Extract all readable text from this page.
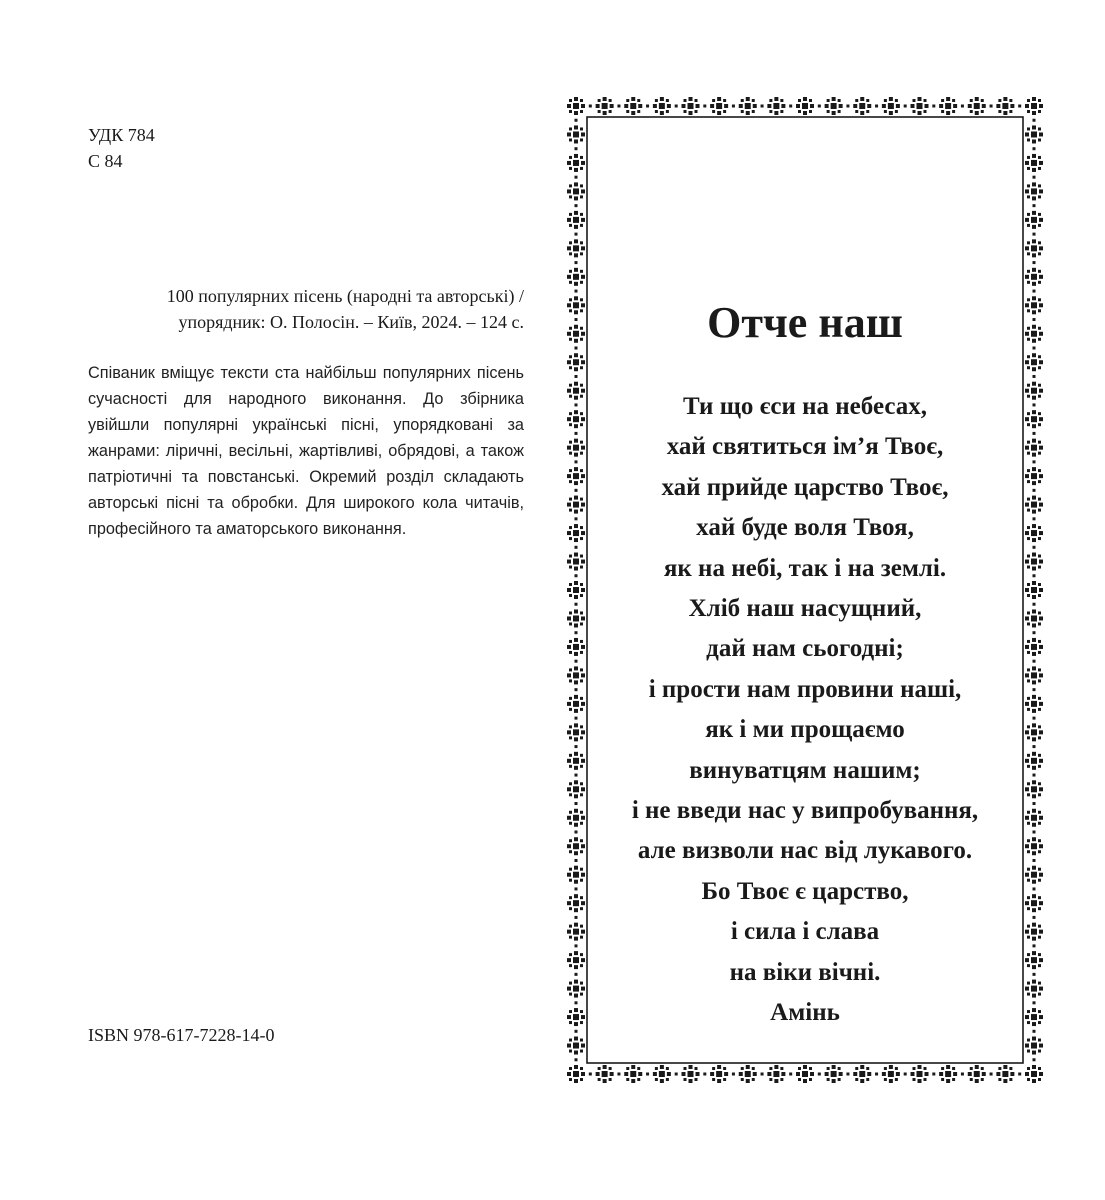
УДК 784
С 84
100 популярних пісень (народні та авторські) /
упорядник: О. Полосін. – Київ, 2024. – 124 с.
Співаник вміщує тексти ста найбільш популярних пісень сучасності для народного виконання. До збірника увійшли популярні українські пісні, упорядковані за жанрами: ліричні, весільні, жартівливі, обрядові, а також патріотичні та повстанські. Окремий розділ складають авторські пісні та обробки. Для широкого кола читачів, професійного та аматорського виконання.
ISBN 978-617-7228-14-0
Отче наш
Ти що єси на небесах,
хай святиться ім’я Твоє,
хай прийде царство Твоє,
хай буде воля Твоя,
як на небі, так і на землі.
Хліб наш насущний,
дай нам сьогодні;
і прости нам провини наші,
як і ми прощаємо
винуватцям нашим;
і не введи нас у випробування,
але визволи нас від лукавого.
Бо Твоє є царство,
і сила і слава
на віки вічні.
Амінь
